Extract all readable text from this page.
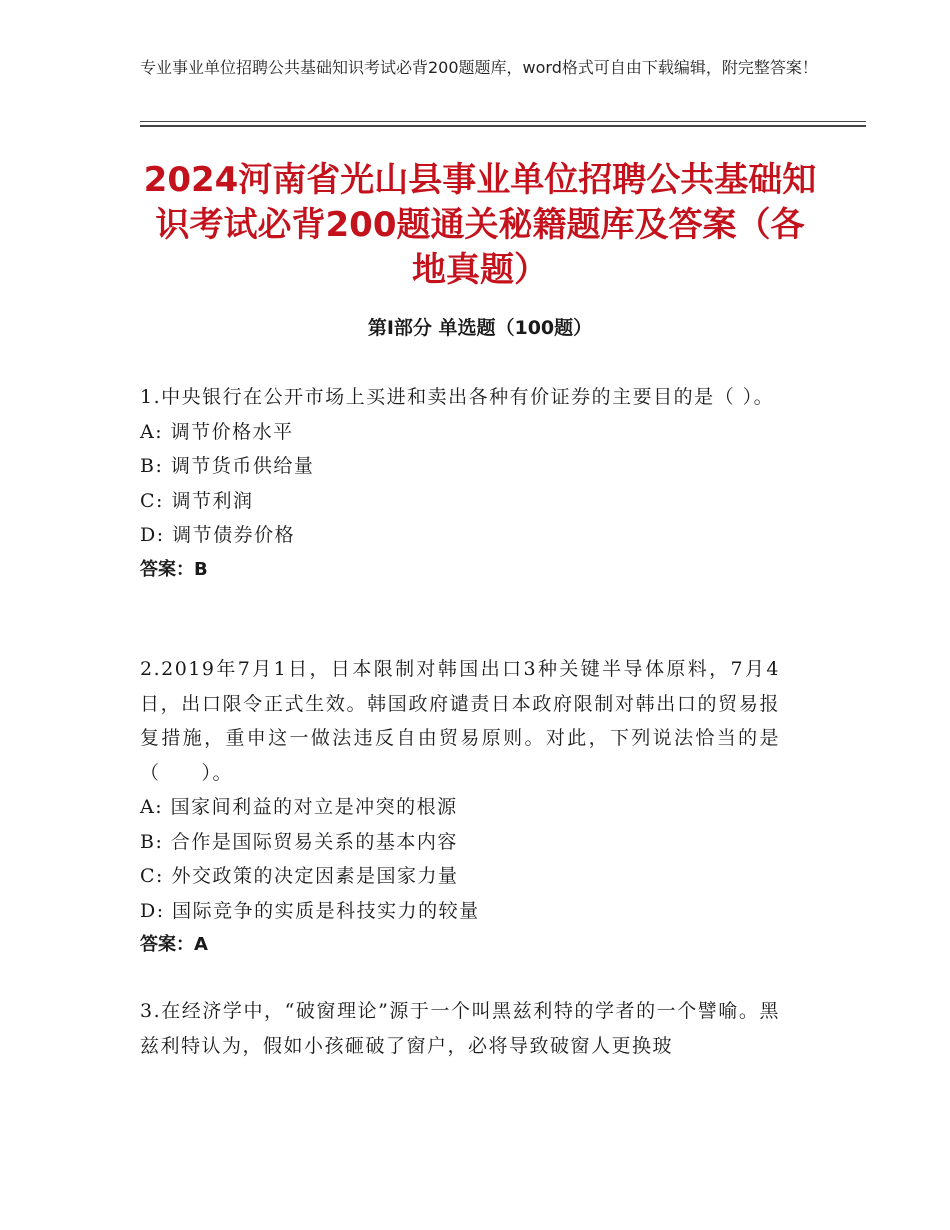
专业事业单位招聘公共基础知识考试必背200题题库，word格式可自由下载编辑，附完整答案！
2024河南省光山县事业单位招聘公共基础知识考试必背200题通关秘籍题库及答案（各地真题）
第Ⅰ部分 单选题（100题）
1.中央银行在公开市场上买进和卖出各种有价证券的主要目的是（ ）。
A: 调节价格水平
B: 调节货币供给量
C: 调节利润
D: 调节债券价格
答案：B
2.2019年7月1日，日本限制对韩国出口3种关键半导体原料，7月4日，出口限令正式生效。韩国政府谴责日本政府限制对韩出口的贸易报复措施，重申这一做法违反自由贸易原则。对此，下列说法恰当的是（　　）。
A: 国家间利益的对立是冲突的根源
B: 合作是国际贸易关系的基本内容
C: 外交政策的决定因素是国家力量
D: 国际竞争的实质是科技实力的较量
答案：A
3.在经济学中，“破窗理论”源于一个叫黑兹利特的学者的一个譬喻。黑兹利特认为，假如小孩砸破了窗户，必将导致破窗人更换玻
